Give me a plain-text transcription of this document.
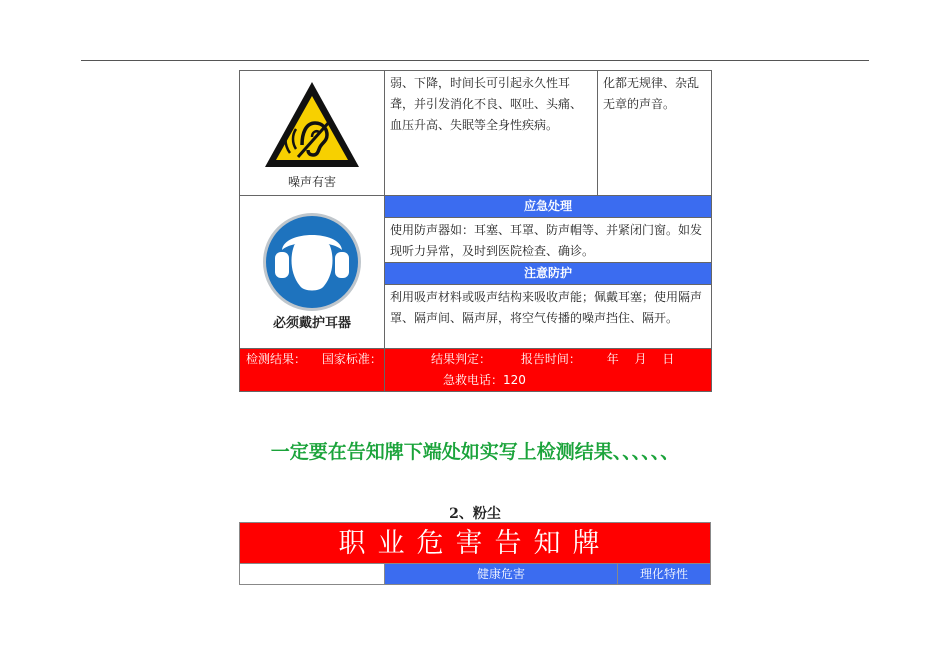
噪声有害	弱、下降，时间长可引起永久性耳聋，并引发消化不良、呕吐、头痛、血压升高、失眠等全身性疾病。	化都无规律、杂乱无章的声音。

必须戴护耳器	应急处理	

	使用防声器如：耳塞、耳罩、防声帽等、并紧闭门窗。如发现听力异常，及时到医院检查、确诊。	

	注意防护	

	利用吸声材料或吸声结构来吸收声能；佩戴耳塞；使用隔声罩、隔声间、隔声屏，将空气传播的噪声挡住、隔开。	

检测结果： 国家标准：	结果判定： 报告时间： 年 月 日 急救电话：120	
一定要在告知牌下端处如实写上检测结果、、、、、、
2、粉尘
职业危害告知牌
健康危害	理化特性
